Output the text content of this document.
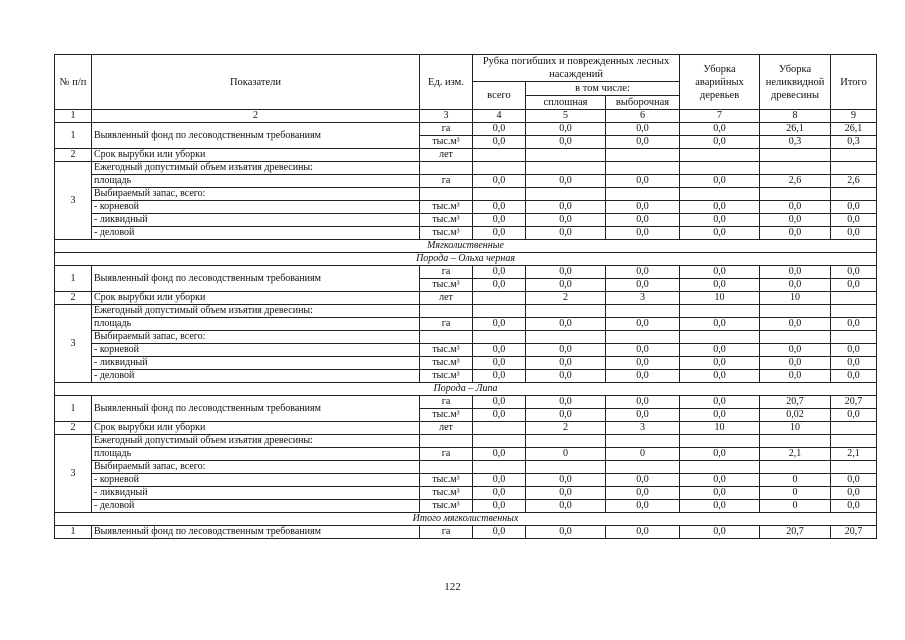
№ п/п	Показатели	Ед. изм.	Рубка погибших и поврежденных лесных насаждений			Уборка аварийных деревьев	Уборка неликвидной древесины	Итого
			всего	в том числе:				
				сплошная	выборочная			
1	2	3	4	5	6	7	8	9
1	Выявленный фонд по лесоводственным требованиям	га	0,0	0,0	0,0	0,0	26,1	26,1
		тыс.м³	0,0	0,0	0,0	0,0	0,3	0,3
2	Срок вырубки или уборки	лет						
3	Ежегодный допустимый объем изъятия древесины:							
	площадь	га	0,0	0,0	0,0	0,0	2,6	2,6
	Выбираемый запас, всего:							
	- корневой	тыс.м³	0,0	0,0	0,0	0,0	0,0	0,0
	- ликвидный	тыс.м³	0,0	0,0	0,0	0,0	0,0	0,0
	- деловой	тыс.м³	0,0	0,0	0,0	0,0	0,0	0,0
Мягколиственные								
Порода – Ольха черная								
1	Выявленный фонд по лесоводственным требованиям	га	0,0	0,0	0,0	0,0	0,0	0,0
		тыс.м³	0,0	0,0	0,0	0,0	0,0	0,0
2	Срок вырубки или уборки	лет		2	3	10	10	
3	Ежегодный допустимый объем изъятия древесины:							
	площадь	га	0,0	0,0	0,0	0,0	0,0	0,0
	Выбираемый запас, всего:							
	- корневой	тыс.м³	0,0	0,0	0,0	0,0	0,0	0,0
	- ликвидный	тыс.м³	0,0	0,0	0,0	0,0	0,0	0,0
	- деловой	тыс.м³	0,0	0,0	0,0	0,0	0,0	0,0
Порода – Липа								
1	Выявленный фонд по лесоводственным требованиям	га	0,0	0,0	0,0	0,0	20,7	20,7
		тыс.м³	0,0	0,0	0,0	0,0	0,02	0,0
2	Срок вырубки или уборки	лет		2	3	10	10	
3	Ежегодный допустимый объем изъятия древесины:							
	площадь	га	0,0	0	0	0,0	2,1	2,1
	Выбираемый запас, всего:							
	- корневой	тыс.м³	0,0	0,0	0,0	0,0	0	0,0
	- ликвидный	тыс.м³	0,0	0,0	0,0	0,0	0	0,0
	- деловой	тыс.м³	0,0	0,0	0,0	0,0	0	0,0
Итого мягколиственных								
1	Выявленный фонд по лесоводственным требованиям	га	0,0	0,0	0,0	0,0	20,7	20,7
122
